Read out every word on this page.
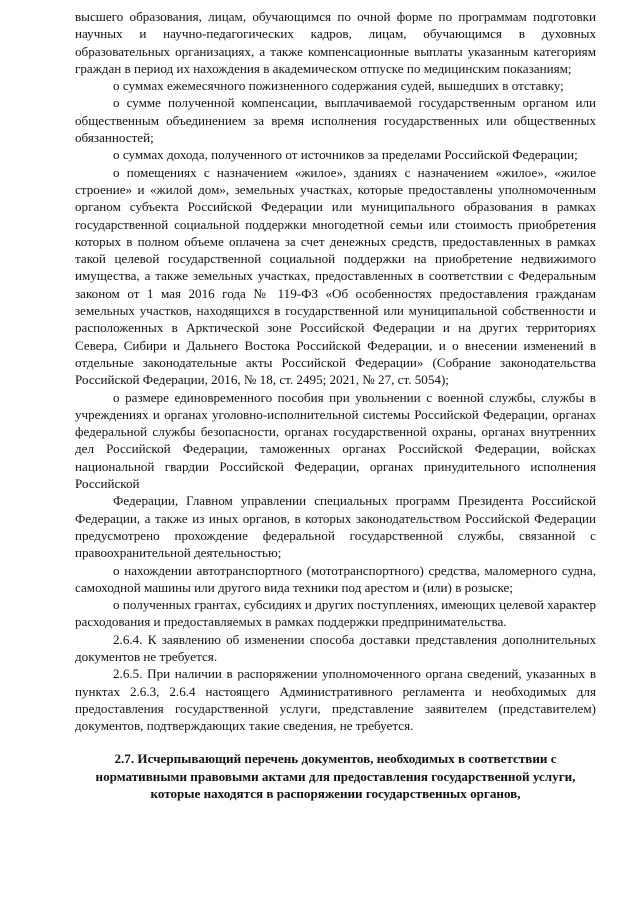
высшего образования, лицам, обучающимся по очной форме по программам подготовки научных и научно-педагогических кадров, лицам, обучающимся в духовных образовательных организациях, а также компенсационные выплаты указанным категориям граждан в период их нахождения в академическом отпуске по медицинским показаниям;

о суммах ежемесячного пожизненного содержания судей, вышедших в отставку;

о сумме полученной компенсации, выплачиваемой государственным органом или общественным объединением за время исполнения государственных или общественных обязанностей;

о суммах дохода, полученного от источников за пределами Российской Федерации;

о помещениях с назначением «жилое», зданиях с назначением «жилое», «жилое строение» и «жилой дом», земельных участках, которые предоставлены уполномоченным органом субъекта Российской Федерации или муниципального образования в рамках государственной социальной поддержки многодетной семьи или стоимость приобретения которых в полном объеме оплачена за счет денежных средств, предоставленных в рамках такой целевой государственной социальной поддержки на приобретение недвижимого имущества, а также земельных участках, предоставленных в соответствии с Федеральным законом от 1 мая 2016 года № 119-ФЗ «Об особенностях предоставления гражданам земельных участков, находящихся в государственной или муниципальной собственности и расположенных в Арктической зоне Российской Федерации и на других территориях Севера, Сибири и Дальнего Востока Российской Федерации, и о внесении изменений в отдельные законодательные акты Российской Федерации» (Собрание законодательства Российской Федерации, 2016, № 18, ст. 2495; 2021, № 27, ст. 5054);

о размере единовременного пособия при увольнении с военной службы, службы в учреждениях и органах уголовно-исполнительной системы Российской Федерации, органах федеральной службы безопасности, органах государственной охраны, органах внутренних дел Российской Федерации, таможенных органах Российской Федерации, войсках национальной гвардии Российской Федерации, органах принудительного исполнения Российской

Федерации, Главном управлении специальных программ Президента Российской Федерации, а также из иных органов, в которых законодательством Российской Федерации предусмотрено прохождение федеральной государственной службы, связанной с правоохранительной деятельностью;

о нахождении автотранспортного (мототранспортного) средства, маломерного судна, самоходной машины или другого вида техники под арестом и (или) в розыске;

о полученных грантах, субсидиях и других поступлениях, имеющих целевой характер расходования и предоставляемых в рамках поддержки предпринимательства.

2.6.4. К заявлению об изменении способа доставки представления дополнительных документов не требуется.

2.6.5. При наличии в распоряжении уполномоченного органа сведений, указанных в пунктах 2.6.3, 2.6.4 настоящего Административного регламента и необходимых для предоставления государственной услуги, представление заявителем (представителем) документов, подтверждающих такие сведения, не требуется.

2.7. Исчерпывающий перечень документов, необходимых в соответствии с нормативными правовыми актами для предоставления государственной услуги, которые находятся в распоряжении государственных органов,
